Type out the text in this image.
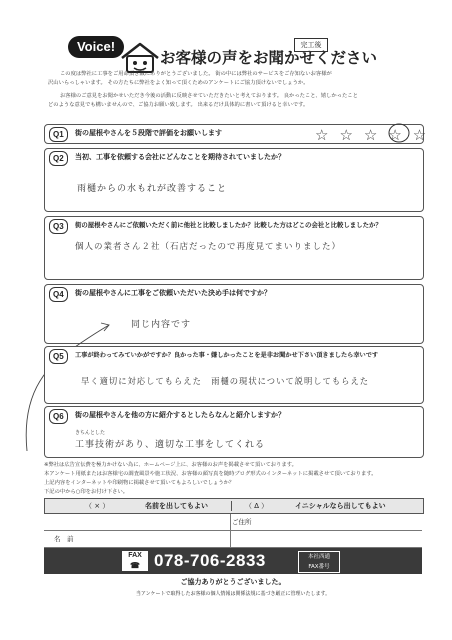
Voice!
お客様の声をお聞かせください
完工後
この度は弊社に工事をご用命頂き誠にありがとうございました。 街の中には弊社のサービスをご存知ないお客様が
沢山いらっしゃいます。 その方たちに弊社をよく知って頂くためのアンケートにご協力頂けないでしょうか。
お客様のご意見をお聞かせいただき今後の活動に反映させていただきたいと考えております。 良かったこと、嬉しかったこと
どのような意見でも構いませんので、ご協力お願い致します。 出来るだけ具体的に書いて頂けると幸いです。
Q1	街の屋根やさんを５段階で評価をお願いします	☆☆☆☆☆
Q2	当初、工事を依頼する会社にどんなことを期待されていましたか？
雨樋からの水もれが改善すること
Q3	街の屋根やさんにご依頼いただく前に他社と比較しましたか？比較した方はどこの会社と比較しましたか？
個人の業者さん２社（石店だったので再度見てまいりました）
Q4	街の屋根やさんに工事をご依頼いただいた決め手は何ですか？
同じ内容です
Q5	工事が終わってみていかがですか？良かった事・嫌しかったことを是非お聞かせ下さい頂きましたら幸いです
早く適切に対応してもらえた　雨樋の現状について説明してもらえた
Q6	街の屋根やさんを他の方に紹介するとしたらなんと紹介しますか？
きちんとした
工事技術があり、適切な工事をしてくれる
※弊社は広告宣伝費を極力かけない為に、ホームページ上に、お客様のお声を掲載させて頂いております。
本アンケート用紙またはお客様宅の調査風景や施工状況、お客様の顔写真を随時ブログ形式のインターネットに掲載させて頂いております。
上記内容をインターネットや印刷物に掲載させて頂いてもよろしいでしょうか？
下記の中から○印をお付け下さい。
（ × ）	名前を出してもよい	（ ∆ ）	イニシャルなら出してもよい
ご住所
名　前
FAX
☎ 078-706-2833	本社西通
FAX番号
ご協力ありがとうございました。
当アンケートで取得したお客様の個人情報は関係法規に基づき厳正に管理いたします。
